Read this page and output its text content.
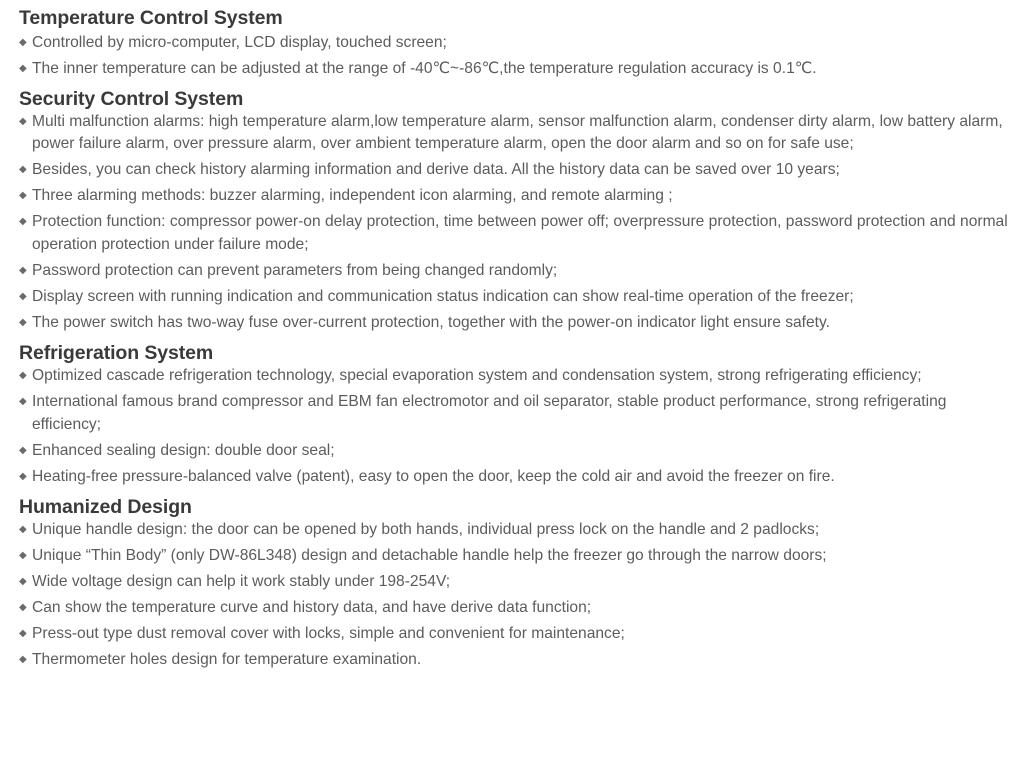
Temperature Control System
◆ Controlled by micro-computer, LCD display, touched screen;
◆ The inner temperature can be adjusted at the range of -40℃~-86℃,the temperature regulation accuracy is 0.1℃.
Security Control System
◆ Multi malfunction alarms: high temperature alarm,low temperature alarm, sensor malfunction alarm, condenser dirty alarm, low battery alarm, power failure alarm, over pressure alarm, over ambient temperature alarm, open the door alarm and so on for safe use;
◆ Besides, you can check history alarming information and derive data. All the history data can be saved over 10 years;
◆ Three alarming methods: buzzer alarming, independent icon alarming, and remote alarming ;
◆ Protection function: compressor power-on delay protection, time between power off; overpressure protection, password protection and normal operation protection under failure mode;
◆ Password protection can prevent parameters from being changed randomly;
◆ Display screen with running indication and communication status indication can show real-time operation of the freezer;
◆ The power switch has two-way fuse over-current protection, together with the power-on indicator light ensure safety.
Refrigeration System
◆ Optimized cascade refrigeration technology, special evaporation system and condensation system, strong refrigerating efficiency;
◆ International famous brand compressor and EBM fan electromotor and oil separator, stable product performance, strong refrigerating efficiency;
◆ Enhanced sealing design: double door seal;
◆ Heating-free pressure-balanced valve (patent), easy to open the door, keep the cold air and avoid the freezer on fire.
Humanized Design
◆ Unique handle design: the door can be opened by both hands, individual press lock on the handle and 2 padlocks;
◆ Unique “Thin Body” (only DW-86L348) design and detachable handle help the freezer go through the narrow doors;
◆ Wide voltage design can help it work stably under 198-254V;
◆ Can show the temperature curve and history data, and have derive data function;
◆ Press-out type dust removal cover with locks, simple and convenient for maintenance;
◆ Thermometer holes design for temperature examination.
